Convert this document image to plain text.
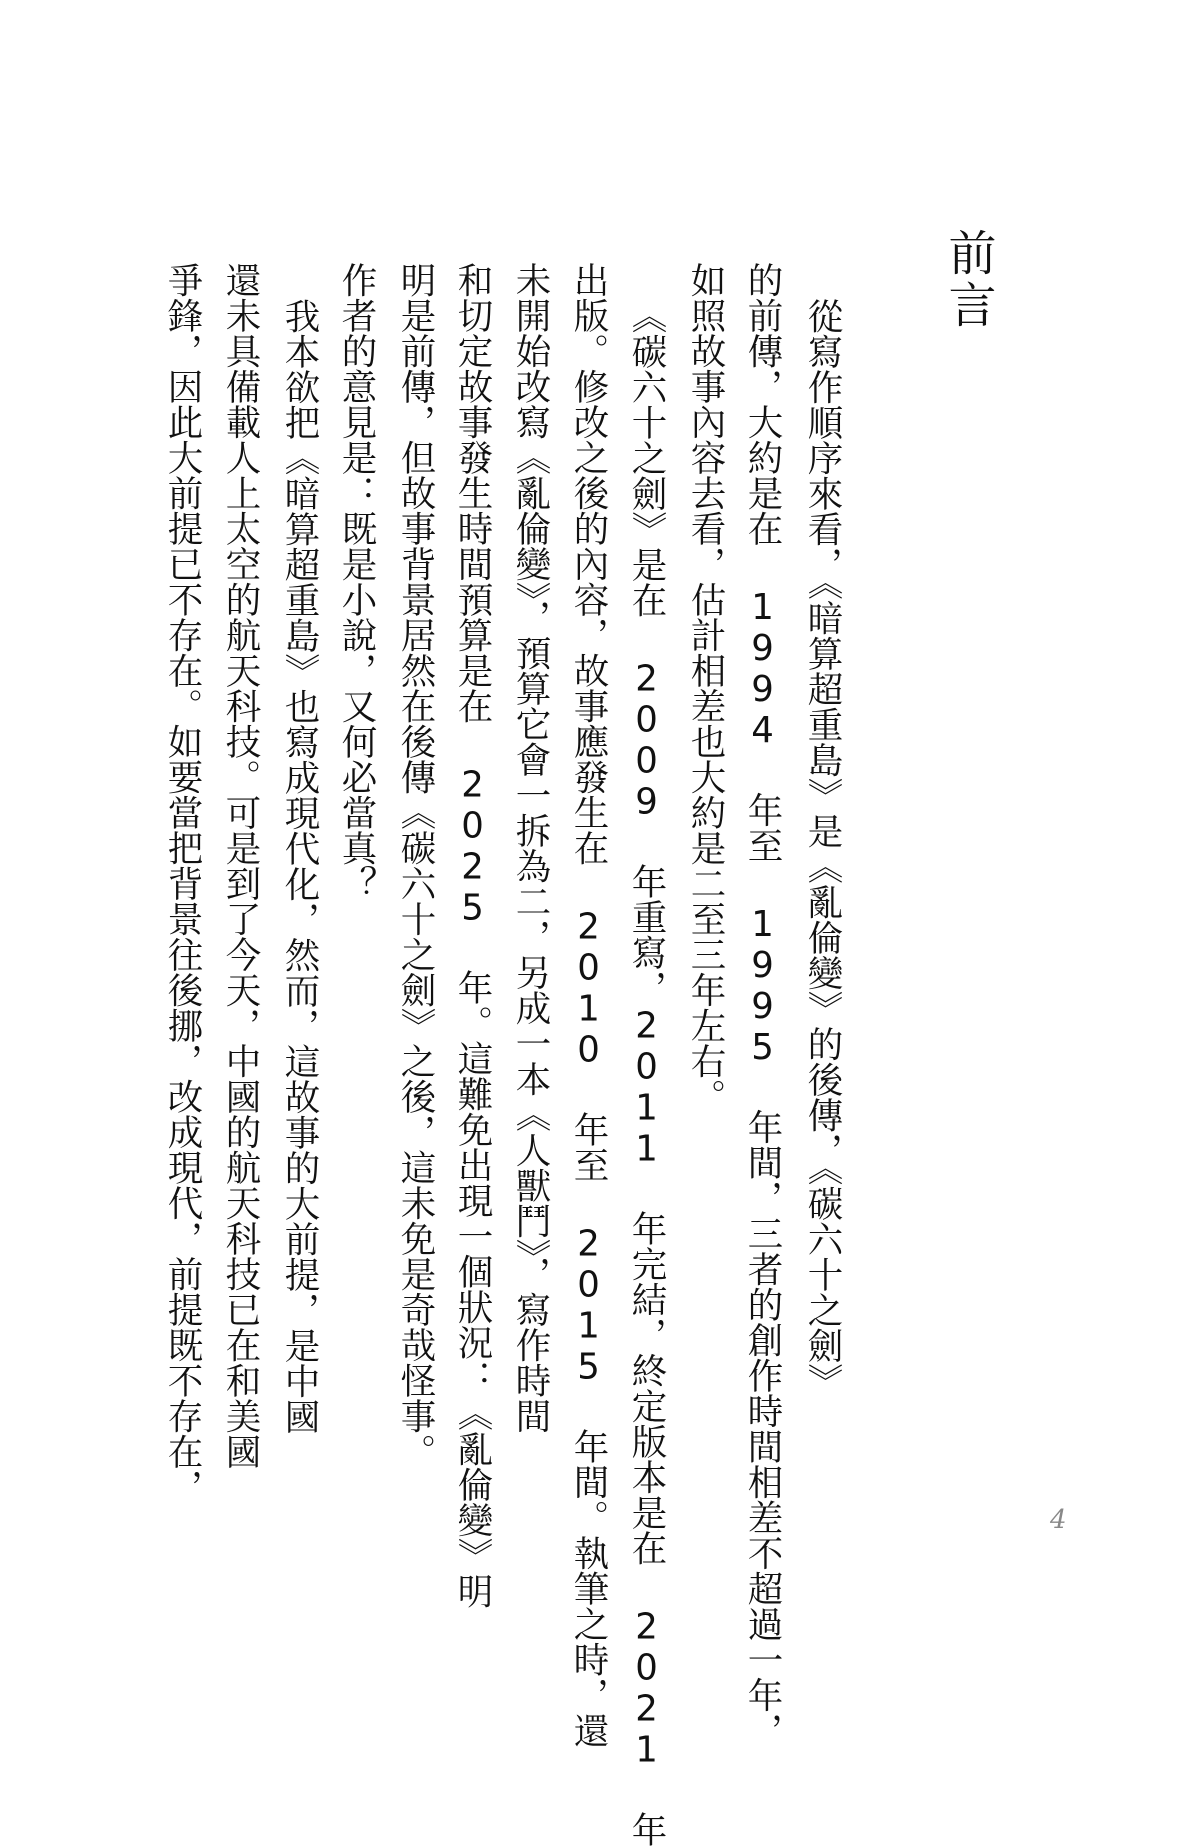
前言

從寫作順序來看，《暗算超重島》是《亂倫變》的後傳，《碳六十之劍》

的前傳，大約是在 1994 年至 1995 年間，三者的創作時間相差不超過一年，

如照故事內容去看，估計相差也大約是二至三年左右。

《碳六十之劍》是在 2009 年重寫，2011 年完結，終定版本是在 2021 年

出版。修改之後的內容，故事應發生在 2010 年至 2015 年間。執筆之時，還

未開始改寫《亂倫變》，預算它會一拆為二，另成一本《人獸鬥》，寫作時間

和切定故事發生時間預算是在 2025 年。這難免出現一個狀況：《亂倫變》明

明是前傳，但故事背景居然在後傳《碳六十之劍》之後，這未免是奇哉怪事。

作者的意見是：既是小說，又何必當真？

我本欲把《暗算超重島》也寫成現代化，然而，這故事的大前提，是中國

還未具備載人上太空的航天科技。可是到了今天，中國的航天科技已在和美國

爭鋒，因此大前提已不存在。如要當把背景往後挪，改成現代，前提既不存在，

4
